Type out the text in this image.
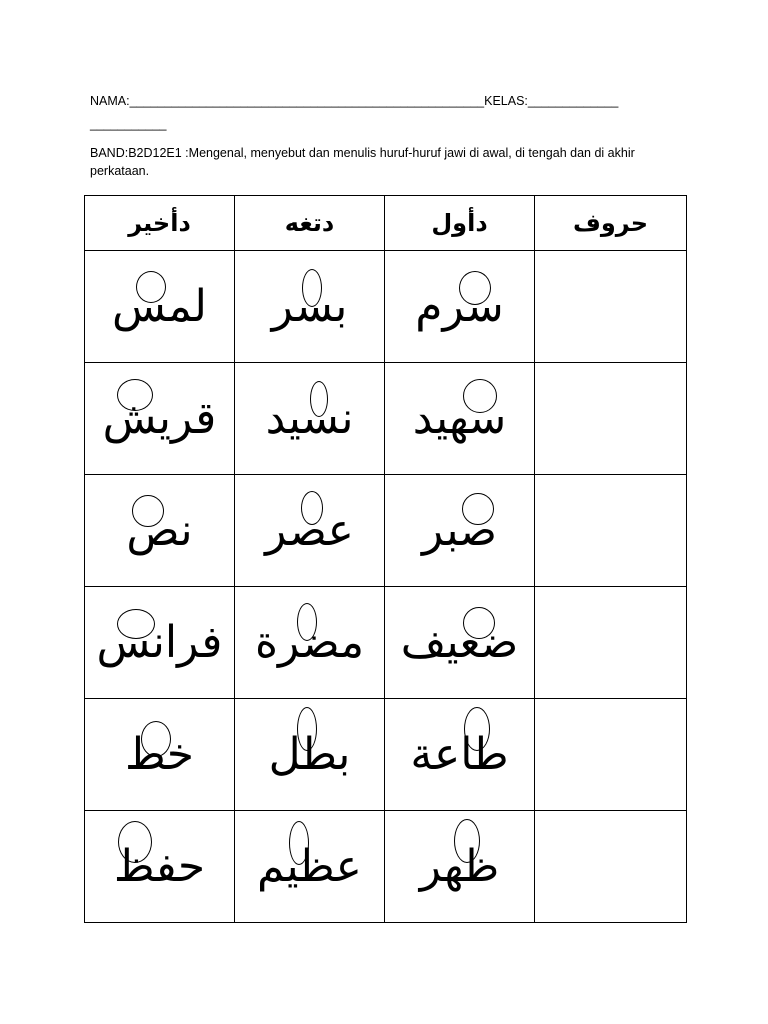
NAMA:___________________________________________________KELAS:_____________
___________
BAND:B2D12E1 :Mengenal, menyebut dan menulis huruf-huruf jawi di awal, di tengah dan di akhir perkataan.
دأخير	دتغه	دأول	حروف
لمس	بسر	سرم

قريش	نسيد	سهيد

نص	عصر	صبر

فرانس	مضرة	ضعيف

خط	بطل	طاعة

حفظ	عظيم	ظهر
